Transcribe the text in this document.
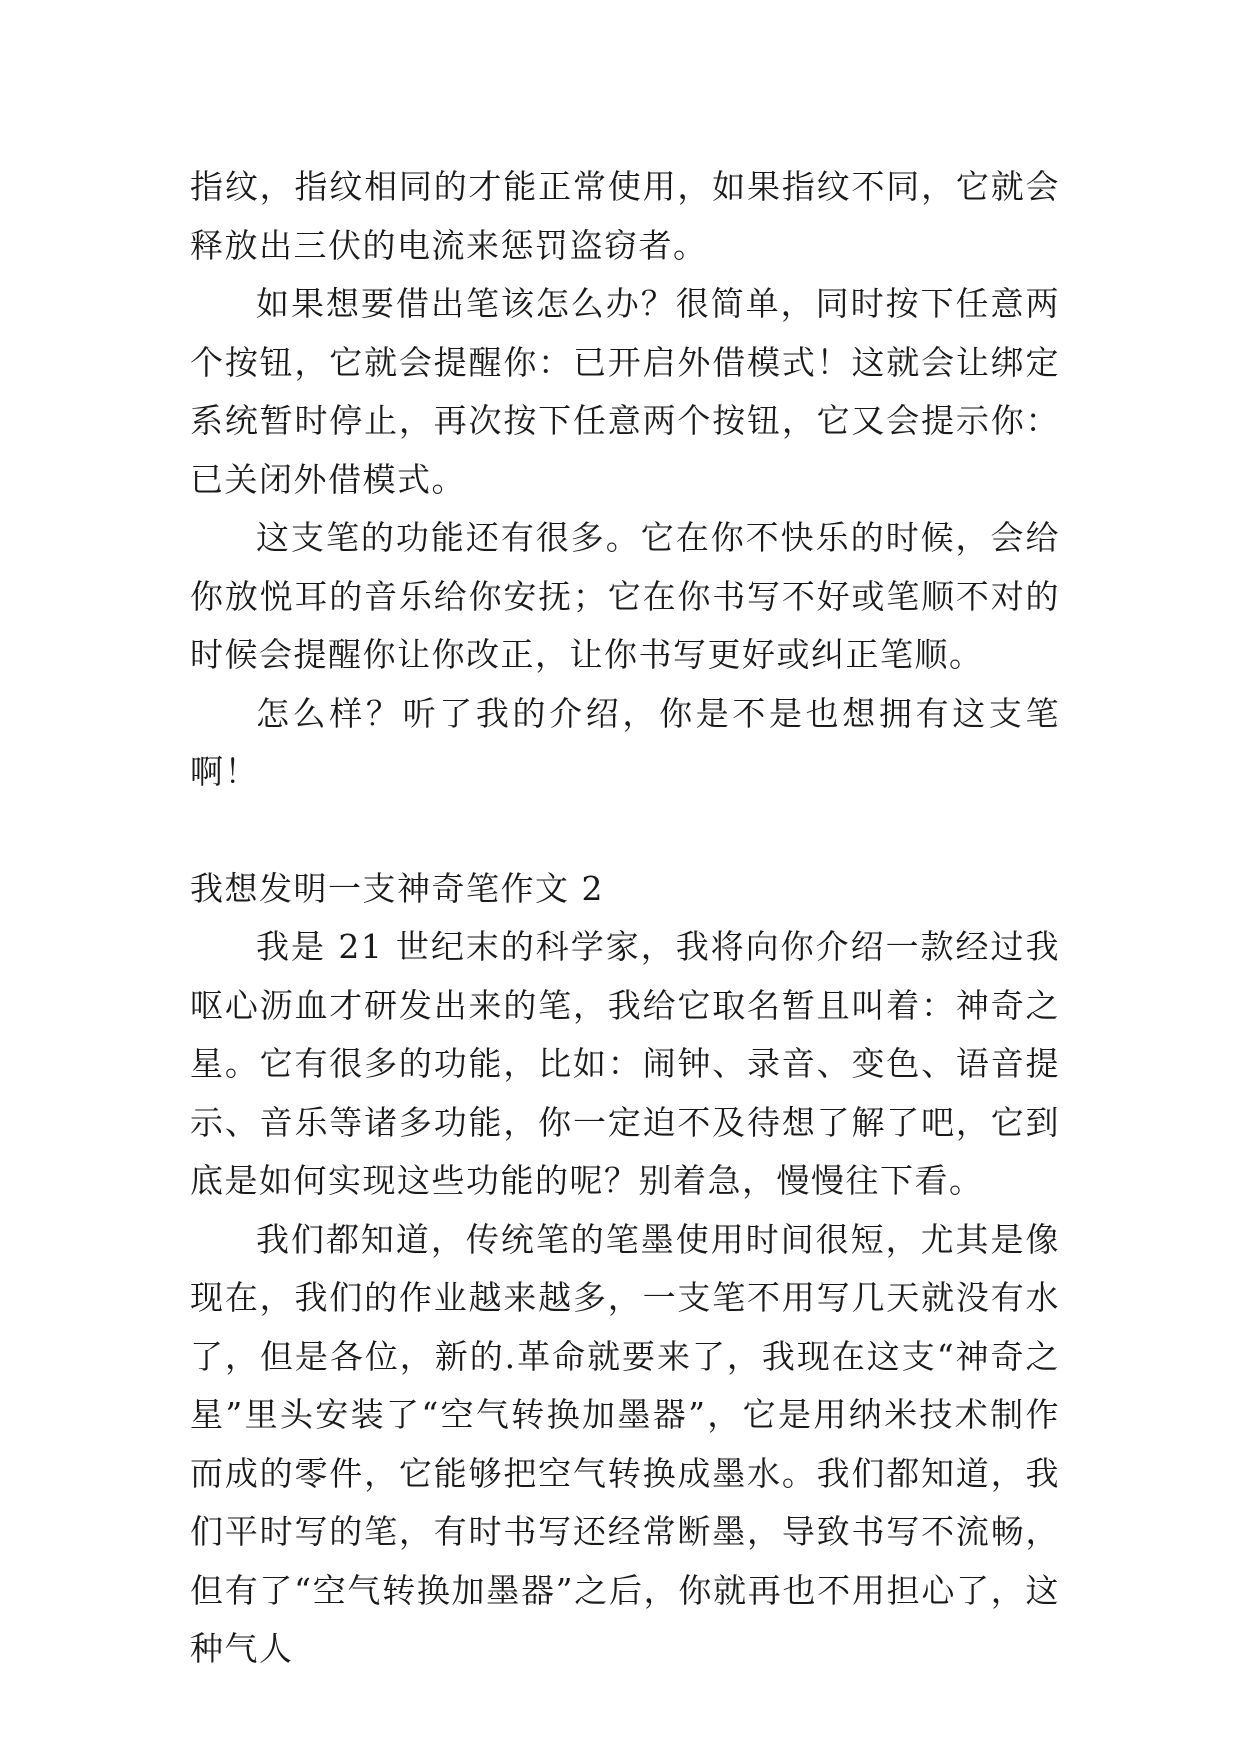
指纹，指纹相同的才能正常使用，如果指纹不同，它就会释放出三伏的电流来惩罚盗窃者。

如果想要借出笔该怎么办？很简单，同时按下任意两个按钮，它就会提醒你：已开启外借模式！这就会让绑定系统暂时停止，再次按下任意两个按钮，它又会提示你：已关闭外借模式。

这支笔的功能还有很多。它在你不快乐的时候，会给你放悦耳的音乐给你安抚；它在你书写不好或笔顺不对的时候会提醒你让你改正，让你书写更好或纠正笔顺。

怎么样？听了我的介绍，你是不是也想拥有这支笔啊！

我想发明一支神奇笔作文 2

我是 21 世纪末的科学家，我将向你介绍一款经过我呕心沥血才研发出来的笔，我给它取名暂且叫着：神奇之星。它有很多的功能，比如：闹钟、录音、变色、语音提示、音乐等诸多功能，你一定迫不及待想了解了吧，它到底是如何实现这些功能的呢？别着急，慢慢往下看。

我们都知道，传统笔的笔墨使用时间很短，尤其是像现在，我们的作业越来越多，一支笔不用写几天就没有水了，但是各位，新的.革命就要来了，我现在这支“神奇之星”里头安装了“空气转换加墨器”，它是用纳米技术制作而成的零件，它能够把空气转换成墨水。我们都知道，我们平时写的笔，有时书写还经常断墨，导致书写不流畅，但有了“空气转换加墨器”之后，你就再也不用担心了，这种气人
